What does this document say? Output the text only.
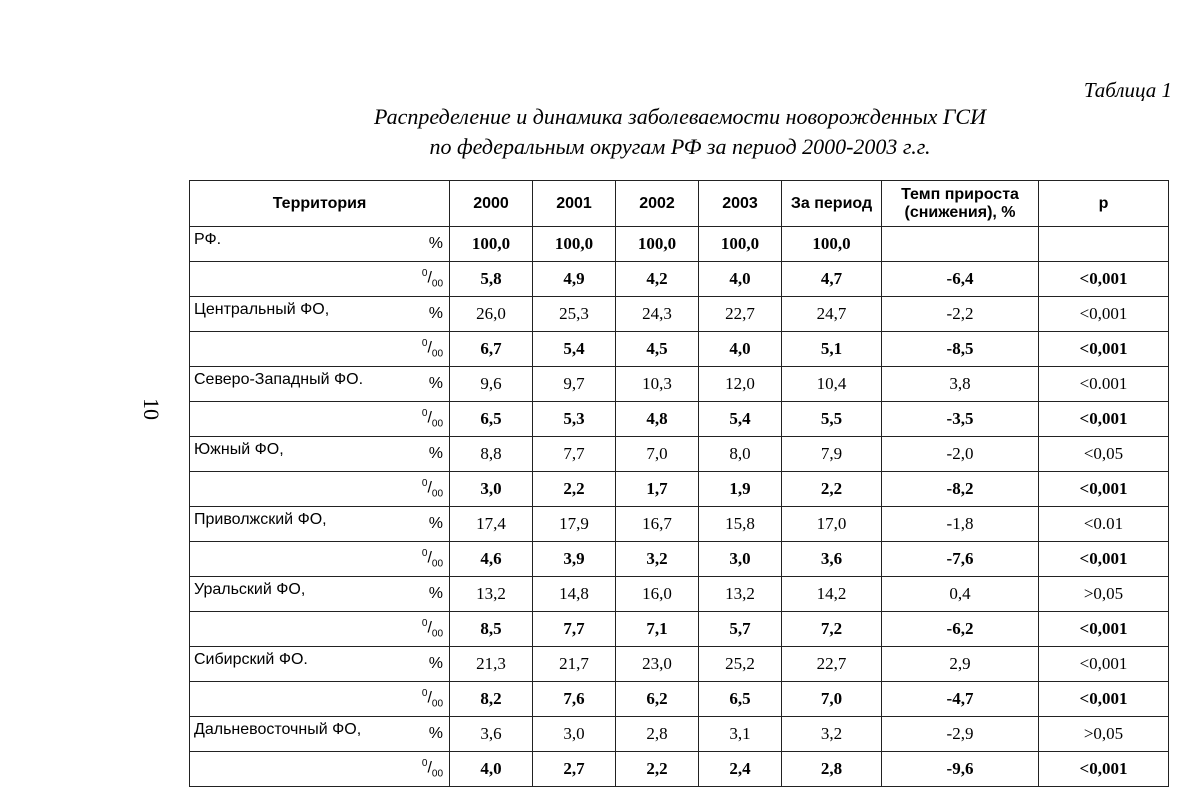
Таблица 1
Распределение и динамика заболеваемости новорожденных ГСИ
по федеральным округам РФ за период 2000-2003 г.г.
10
Территория		2000	2001	2002	2003	За период	Темп прироста
(снижения), %	р
РФ.	%	100,0	100,0	100,0	100,0	100,0		
	$^0/_{00}$	5,8	4,9	4,2	4,0	4,7	-6,4	<0,001
Центральный ФО,	%	26,0	25,3	24,3	22,7	24,7	-2,2	<0,001
	$^0/_{00}$	6,7	5,4	4,5	4,0	5,1	-8,5	<0,001
Северо-Западный ФО.	%	9,6	9,7	10,3	12,0	10,4	3,8	<0.001
	$^0/_{00}$	6,5	5,3	4,8	5,4	5,5	-3,5	<0,001
Южный ФО,	%	8,8	7,7	7,0	8,0	7,9	-2,0	<0,05
	$^0/_{00}$	3,0	2,2	1,7	1,9	2,2	-8,2	<0,001
Приволжский ФО,	%	17,4	17,9	16,7	15,8	17,0	-1,8	<0.01
	$^0/_{00}$	4,6	3,9	3,2	3,0	3,6	-7,6	<0,001
Уральский ФО,	%	13,2	14,8	16,0	13,2	14,2	0,4	>0,05
	$^0/_{00}$	8,5	7,7	7,1	5,7	7,2	-6,2	<0,001
Сибирский ФО.	%	21,3	21,7	23,0	25,2	22,7	2,9	<0,001
	$^0/_{00}$	8,2	7,6	6,2	6,5	7,0	-4,7	<0,001
Дальневосточный ФО,	%	3,6	3,0	2,8	3,1	3,2	-2,9	>0,05
	$^0/_{00}$	4,0	2,7	2,2	2,4	2,8	-9,6	<0,001
